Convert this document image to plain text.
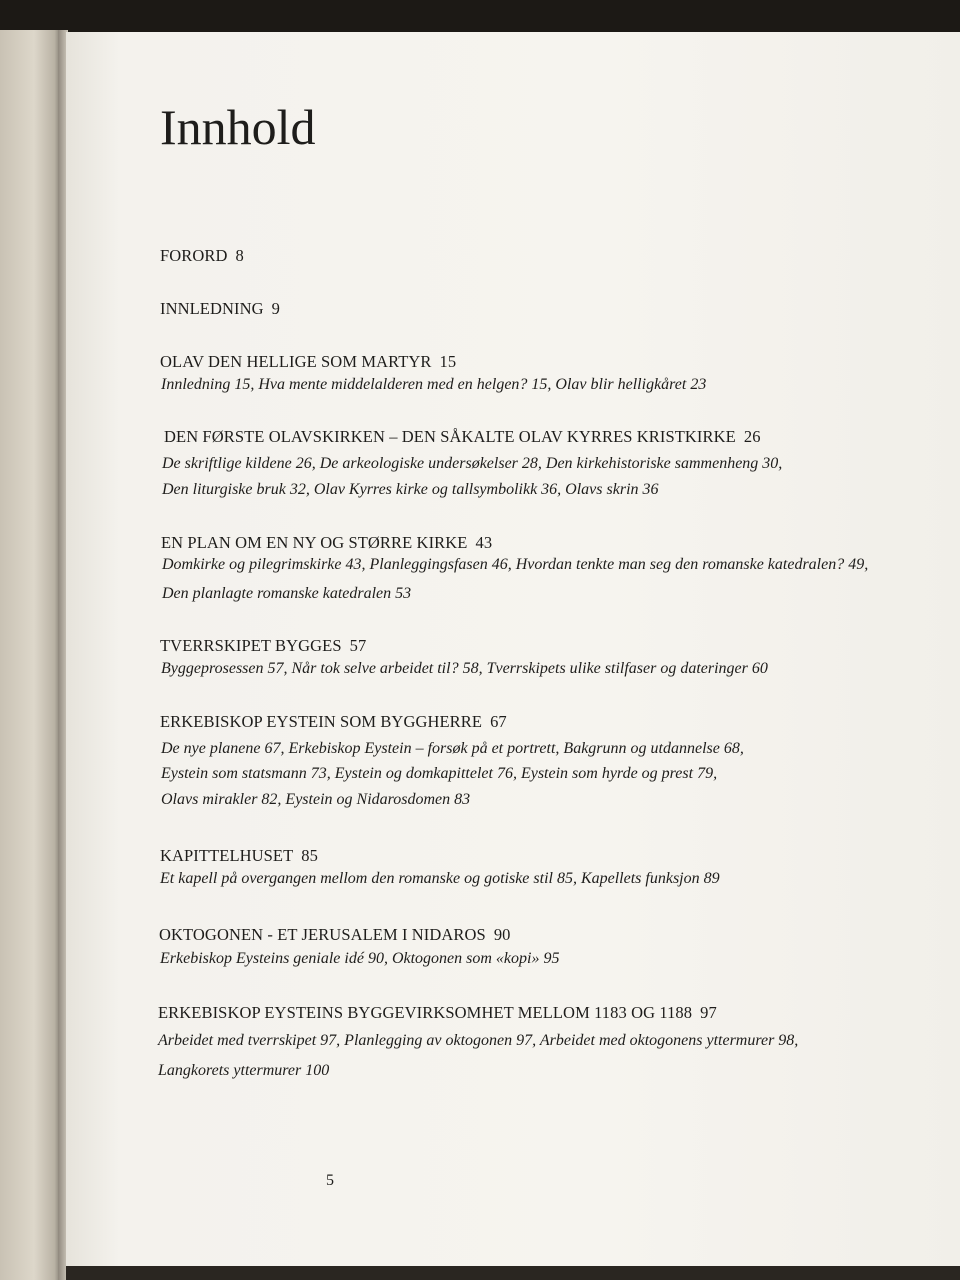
Innhold
FORORD 8
INNLEDNING 9
OLAV DEN HELLIGE SOM MARTYR 15
Innledning 15, Hva mente middelalderen med en helgen? 15, Olav blir helligkåret 23
DEN FØRSTE OLAVSKIRKEN – DEN SÅKALTE OLAV KYRRES KRISTKIRKE 26
De skriftlige kildene 26, De arkeologiske undersøkelser 28, Den kirkehistoriske sammenheng 30,
Den liturgiske bruk 32, Olav Kyrres kirke og tallsymbolikk 36, Olavs skrin 36
EN PLAN OM EN NY OG STØRRE KIRKE 43
Domkirke og pilegrimskirke 43, Planleggingsfasen 46, Hvordan tenkte man seg den romanske katedralen? 49,
Den planlagte romanske katedralen 53
TVERRSKIPET BYGGES 57
Byggeprosessen 57, Når tok selve arbeidet til? 58, Tverrskipets ulike stilfaser og dateringer 60
ERKEBISKOP EYSTEIN SOM BYGGHERRE 67
De nye planene 67, Erkebiskop Eystein – forsøk på et portrett, Bakgrunn og utdannelse 68,
Eystein som statsmann 73, Eystein og domkapittelet 76, Eystein som hyrde og prest 79,
Olavs mirakler 82, Eystein og Nidarosdomen 83
KAPITTELHUSET 85
Et kapell på overgangen mellom den romanske og gotiske stil 85, Kapellets funksjon 89
OKTOGONEN - ET JERUSALEM I NIDAROS 90
Erkebiskop Eysteins geniale idé 90, Oktogonen som «kopi» 95
ERKEBISKOP EYSTEINS BYGGEVIRKSOMHET MELLOM 1183 OG 1188 97
Arbeidet med tverrskipet 97, Planlegging av oktogonen 97, Arbeidet med oktogonens yttermurer 98,
Langkorets yttermurer 100
5
